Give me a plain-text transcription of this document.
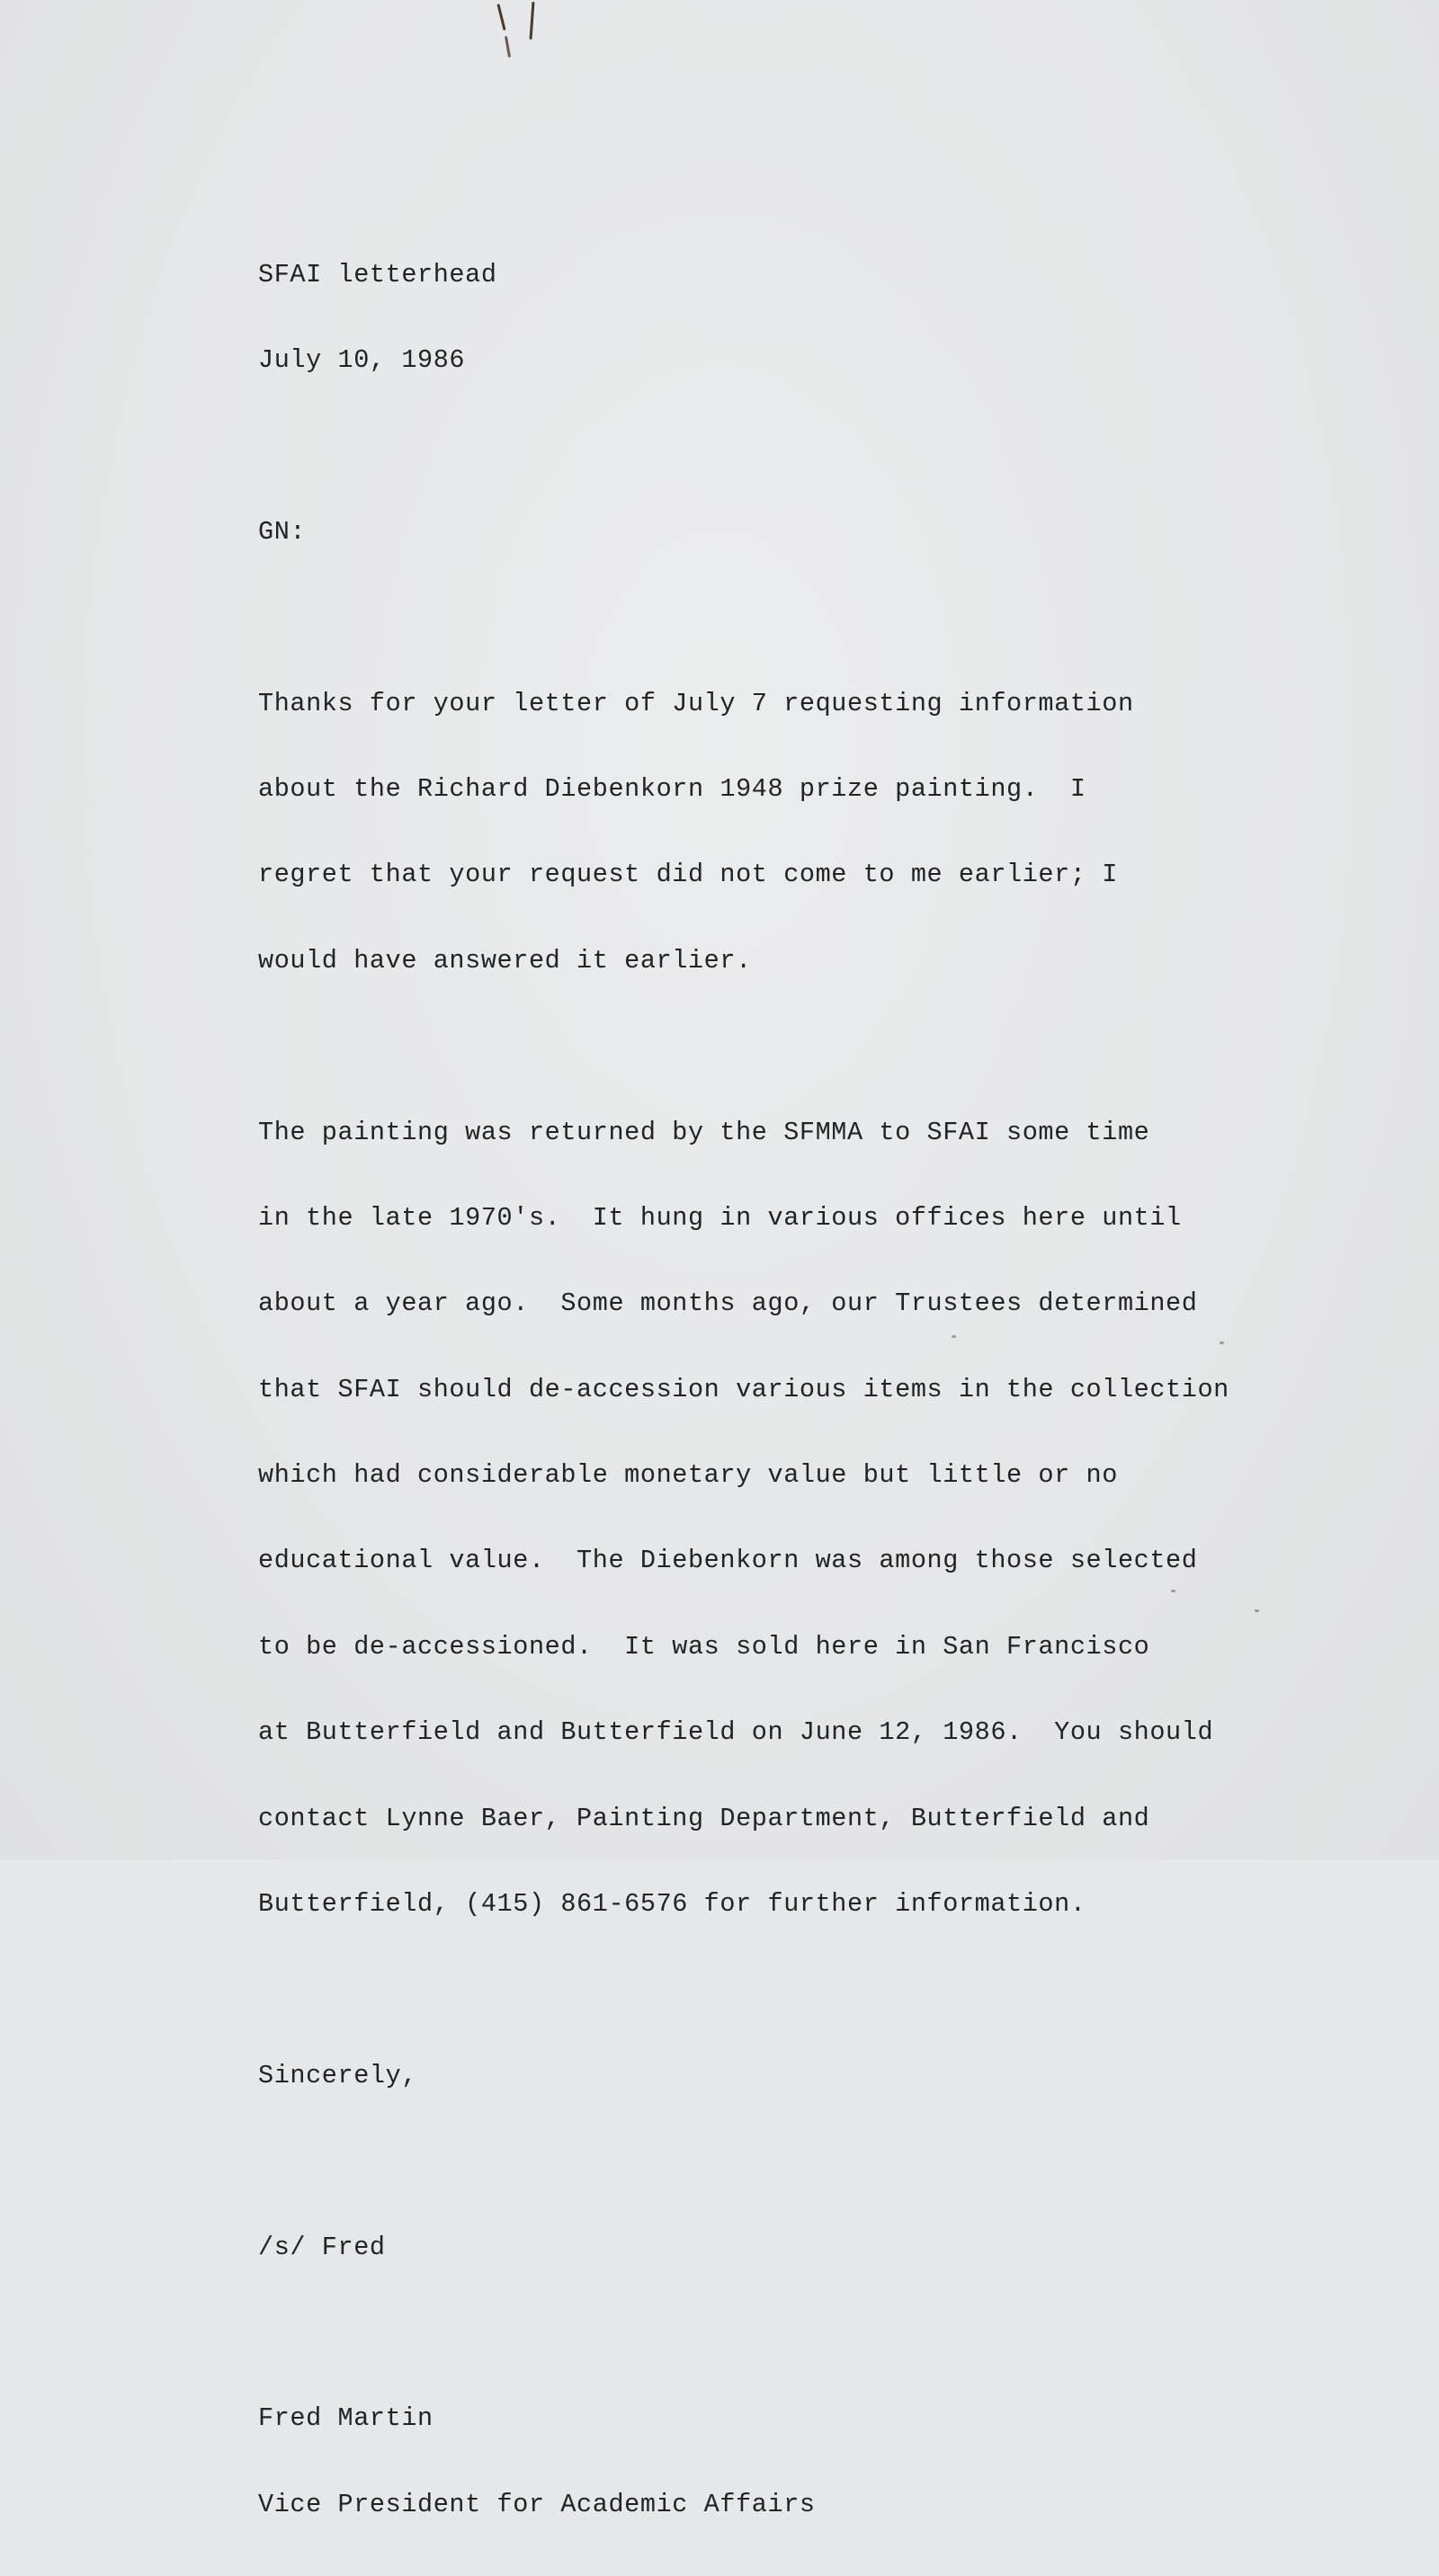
SFAI letterhead

July 10, 1986

GN:

Thanks for your letter of July 7 requesting information

about the Richard Diebenkorn 1948 prize painting.  I

regret that your request did not come to me earlier; I

would have answered it earlier.

The painting was returned by the SFMMA to SFAI some time

in the late 1970's.  It hung in various offices here until

about a year ago.  Some months ago, our Trustees determined

that SFAI should de-accession various items in the collection

which had considerable monetary value but little or no

educational value.  The Diebenkorn was among those selected

to be de-accessioned.  It was sold here in San Francisco

at Butterfield and Butterfield on June 12, 1986.  You should

contact Lynne Baer, Painting Department, Butterfield and

Butterfield, (415) 861-6576 for further information.

Sincerely,

/s/ Fred

Fred Martin

Vice President for Academic Affairs
